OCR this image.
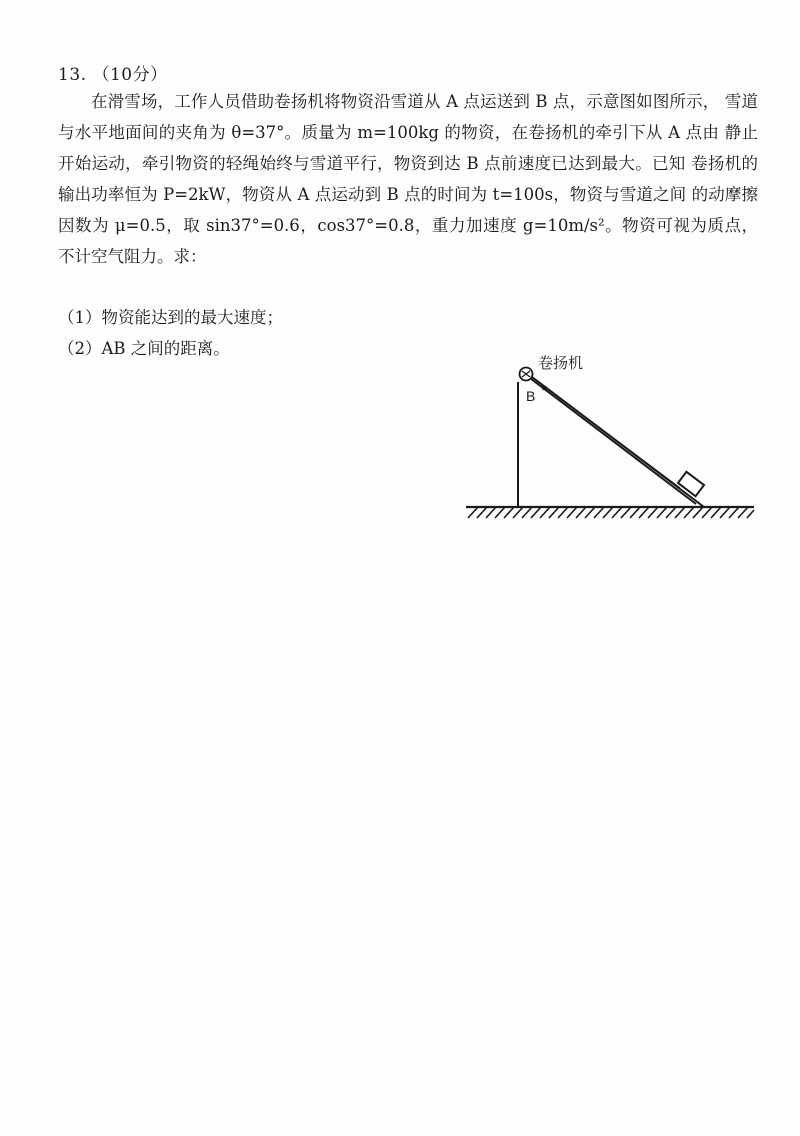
13. （10分）
在滑雪场，工作人员借助卷扬机将物资沿雪道从 A 点运送到 B 点，示意图如图所示， 雪道与水平地面间的夹角为 θ=37°。质量为 m=100kg 的物资，在卷扬机的牵引下从 A 点由 静止开始运动，牵引物资的轻绳始终与雪道平行，物资到达 B 点前速度已达到最大。已知 卷扬机的输出功率恒为 P=2kW，物资从 A 点运动到 B 点的时间为 t=100s，物资与雪道之间 的动摩擦因数为 μ=0.5，取 sin37°=0.6，cos37°=0.8，重力加速度 g=10m/s²。物资可视为质点， 不计空气阻力。求：
（1）物资能达到的最大速度；
（2）AB 之间的距离。
卷扬机
B
